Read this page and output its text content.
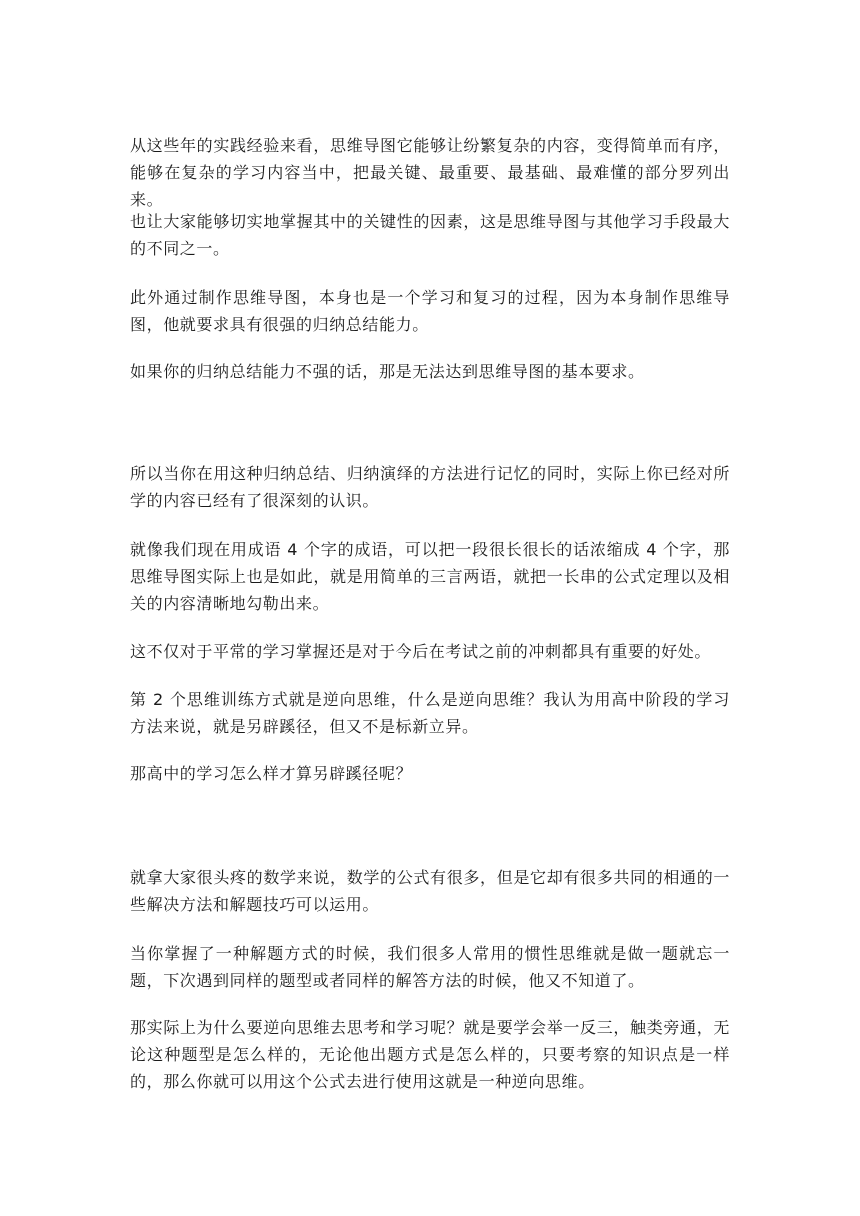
从这些年的实践经验来看，思维导图它能够让纷繁复杂的内容，变得简单而有序，能够在复杂的学习内容当中，把最关键、最重要、最基础、最难懂的部分罗列出来。

也让大家能够切实地掌握其中的关键性的因素，这是思维导图与其他学习手段最大的不同之一。

此外通过制作思维导图，本身也是一个学习和复习的过程，因为本身制作思维导图，他就要求具有很强的归纳总结能力。

如果你的归纳总结能力不强的话，那是无法达到思维导图的基本要求。

所以当你在用这种归纳总结、归纳演绎的方法进行记忆的同时，实际上你已经对所学的内容已经有了很深刻的认识。

就像我们现在用成语 4 个字的成语，可以把一段很长很长的话浓缩成 4 个字，那思维导图实际上也是如此，就是用简单的三言两语，就把一长串的公式定理以及相关的内容清晰地勾勒出来。

这不仅对于平常的学习掌握还是对于今后在考试之前的冲刺都具有重要的好处。

第 2 个思维训练方式就是逆向思维，什么是逆向思维？我认为用高中阶段的学习方法来说，就是另辟蹊径，但又不是标新立异。

那高中的学习怎么样才算另辟蹊径呢？

就拿大家很头疼的数学来说，数学的公式有很多，但是它却有很多共同的相通的一些解决方法和解题技巧可以运用。

当你掌握了一种解题方式的时候，我们很多人常用的惯性思维就是做一题就忘一题，下次遇到同样的题型或者同样的解答方法的时候，他又不知道了。

那实际上为什么要逆向思维去思考和学习呢？就是要学会举一反三，触类旁通，无论这种题型是怎么样的，无论他出题方式是怎么样的，只要考察的知识点是一样的，那么你就可以用这个公式去进行使用这就是一种逆向思维。
